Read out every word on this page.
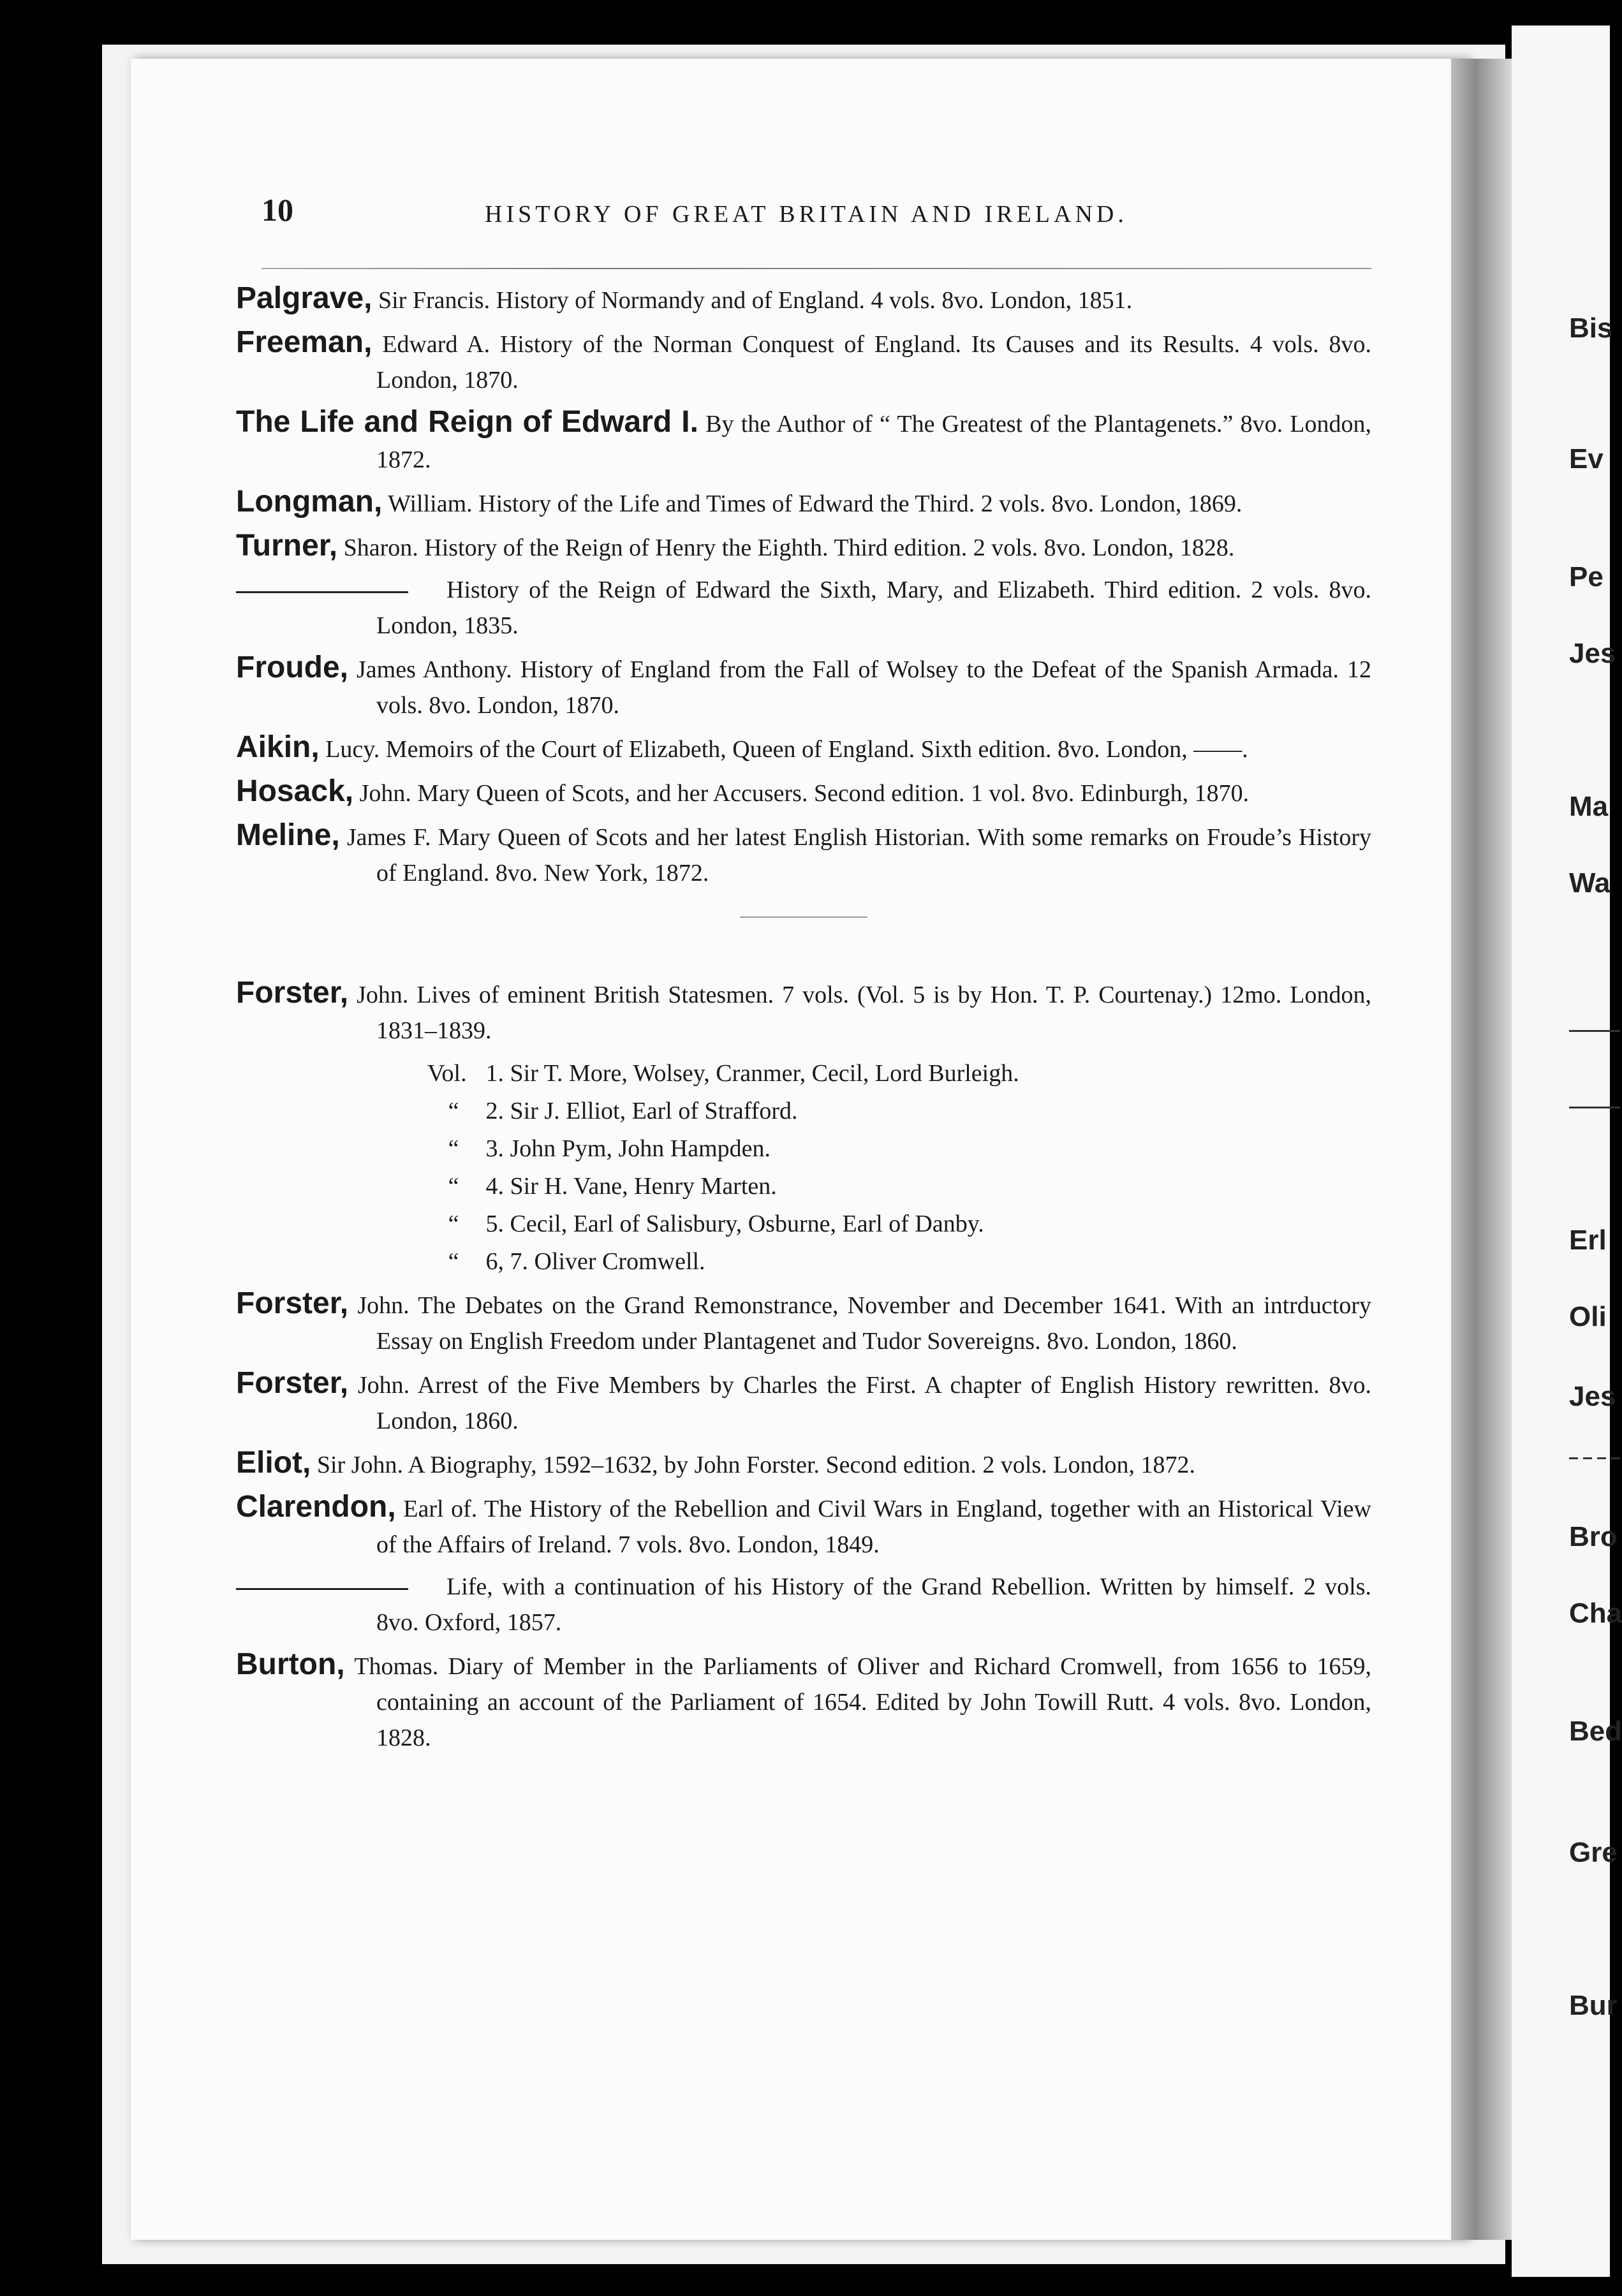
Bis
Ev
Pe
Jes
Ma
Wa
Erl
Oli
Jes
Bro
Cha
Bed
Gre
Bur
10	HISTORY OF GREAT BRITAIN AND IRELAND.
Palgrave, Sir Francis. History of Normandy and of England. 4 vols. 8vo. London, 1851.
Freeman, Edward A. History of the Norman Conquest of England. Its Causes and its Results. 4 vols. 8vo. London, 1870.
The Life and Reign of Edward I. By the Author of “ The Greatest of the Plantagenets.” 8vo. London, 1872.
Longman, William. History of the Life and Times of Edward the Third. 2 vols. 8vo. London, 1869.
Turner, Sharon. History of the Reign of Henry the Eighth. Third edition. 2 vols. 8vo. London, 1828.
History of the Reign of Edward the Sixth, Mary, and Elizabeth. Third edition. 2 vols. 8vo. London, 1835.
Froude, James Anthony. History of England from the Fall of Wolsey to the Defeat of the Spanish Armada. 12 vols. 8vo. London, 1870.
Aikin, Lucy. Memoirs of the Court of Elizabeth, Queen of England. Sixth edition. 8vo. London, ——.
Hosack, John. Mary Queen of Scots, and her Accusers. Second edition. 1 vol. 8vo. Edinburgh, 1870.
Meline, James F. Mary Queen of Scots and her latest English Historian. With some remarks on Froude’s History of England. 8vo. New York, 1872.
Forster, John. Lives of eminent British Statesmen. 7 vols. (Vol. 5 is by Hon. T. P. Courtenay.) 12mo. London, 1831–1839.
Vol. 1. Sir T. More, Wolsey, Cranmer, Cecil, Lord Burleigh.
“ 2. Sir J. Elliot, Earl of Strafford.
“ 3. John Pym, John Hampden.
“ 4. Sir H. Vane, Henry Marten.
“ 5. Cecil, Earl of Salisbury, Osburne, Earl of Danby.
“ 6, 7. Oliver Cromwell.
Forster, John. The Debates on the Grand Remonstrance, November and December 1641. With an intrductory Essay on English Freedom under Plantagenet and Tudor Sovereigns. 8vo. London, 1860.
Forster, John. Arrest of the Five Members by Charles the First. A chapter of English History rewritten. 8vo. London, 1860.
Eliot, Sir John. A Biography, 1592–1632, by John Forster. Second edition. 2 vols. London, 1872.
Clarendon, Earl of. The History of the Rebellion and Civil Wars in England, together with an Historical View of the Affairs of Ireland. 7 vols. 8vo. London, 1849.
Life, with a continuation of his History of the Grand Rebellion. Written by himself. 2 vols. 8vo. Oxford, 1857.
Burton, Thomas. Diary of Member in the Parliaments of Oliver and Richard Cromwell, from 1656 to 1659, containing an account of the Parliament of 1654. Edited by John Towill Rutt. 4 vols. 8vo. London, 1828.
